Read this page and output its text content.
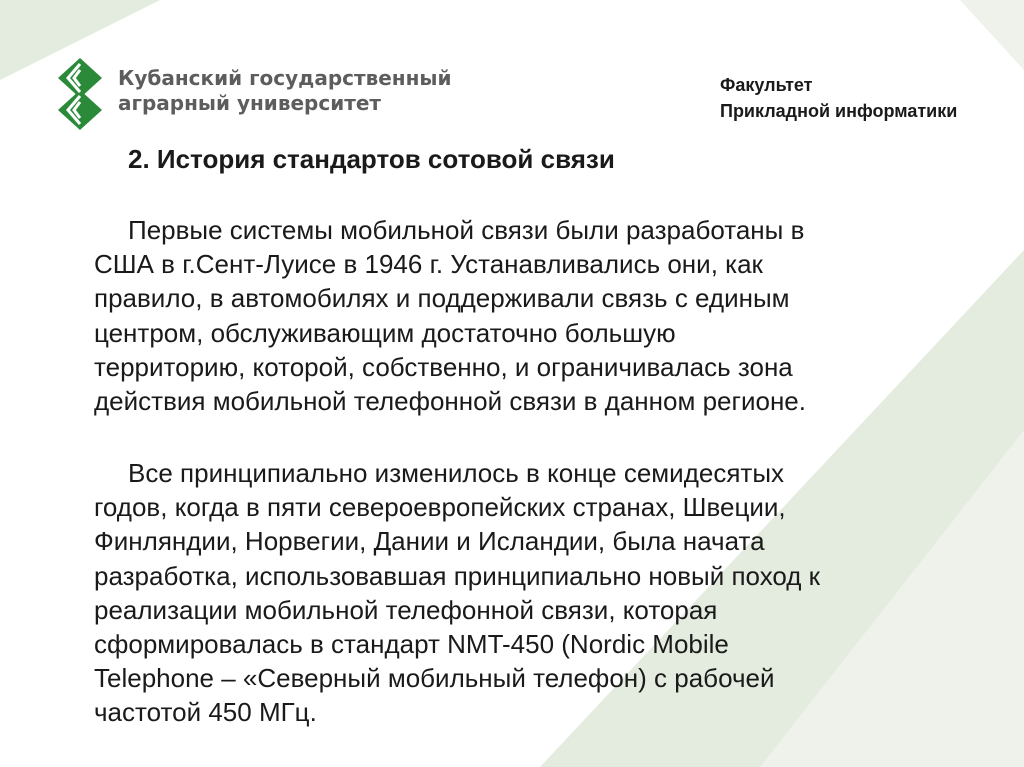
Кубанский государственный
аграрный университет
Факультет
Прикладной информатики
2. История стандартов сотовой связи
Первые системы мобильной связи были разработаны в
США в г.Сент-Луисе в 1946 г. Устанавливались они, как
правило, в автомобилях и поддерживали связь с единым
центром, обслуживающим достаточно большую
территорию, которой, собственно, и ограничивалась зона
действия мобильной телефонной связи в данном регионе.
Все принципиально изменилось в конце семидесятых
годов, когда в пяти североевропейских странах, Швеции,
Финляндии, Норвегии, Дании и Исландии, была начата
разработка, использовавшая принципиально новый поход к
реализации мобильной телефонной связи, которая
сформировалась в стандарт NMT-450 (Nordic Mobile
Telephone – «Северный мобильный телефон) с рабочей
частотой 450 МГц.
